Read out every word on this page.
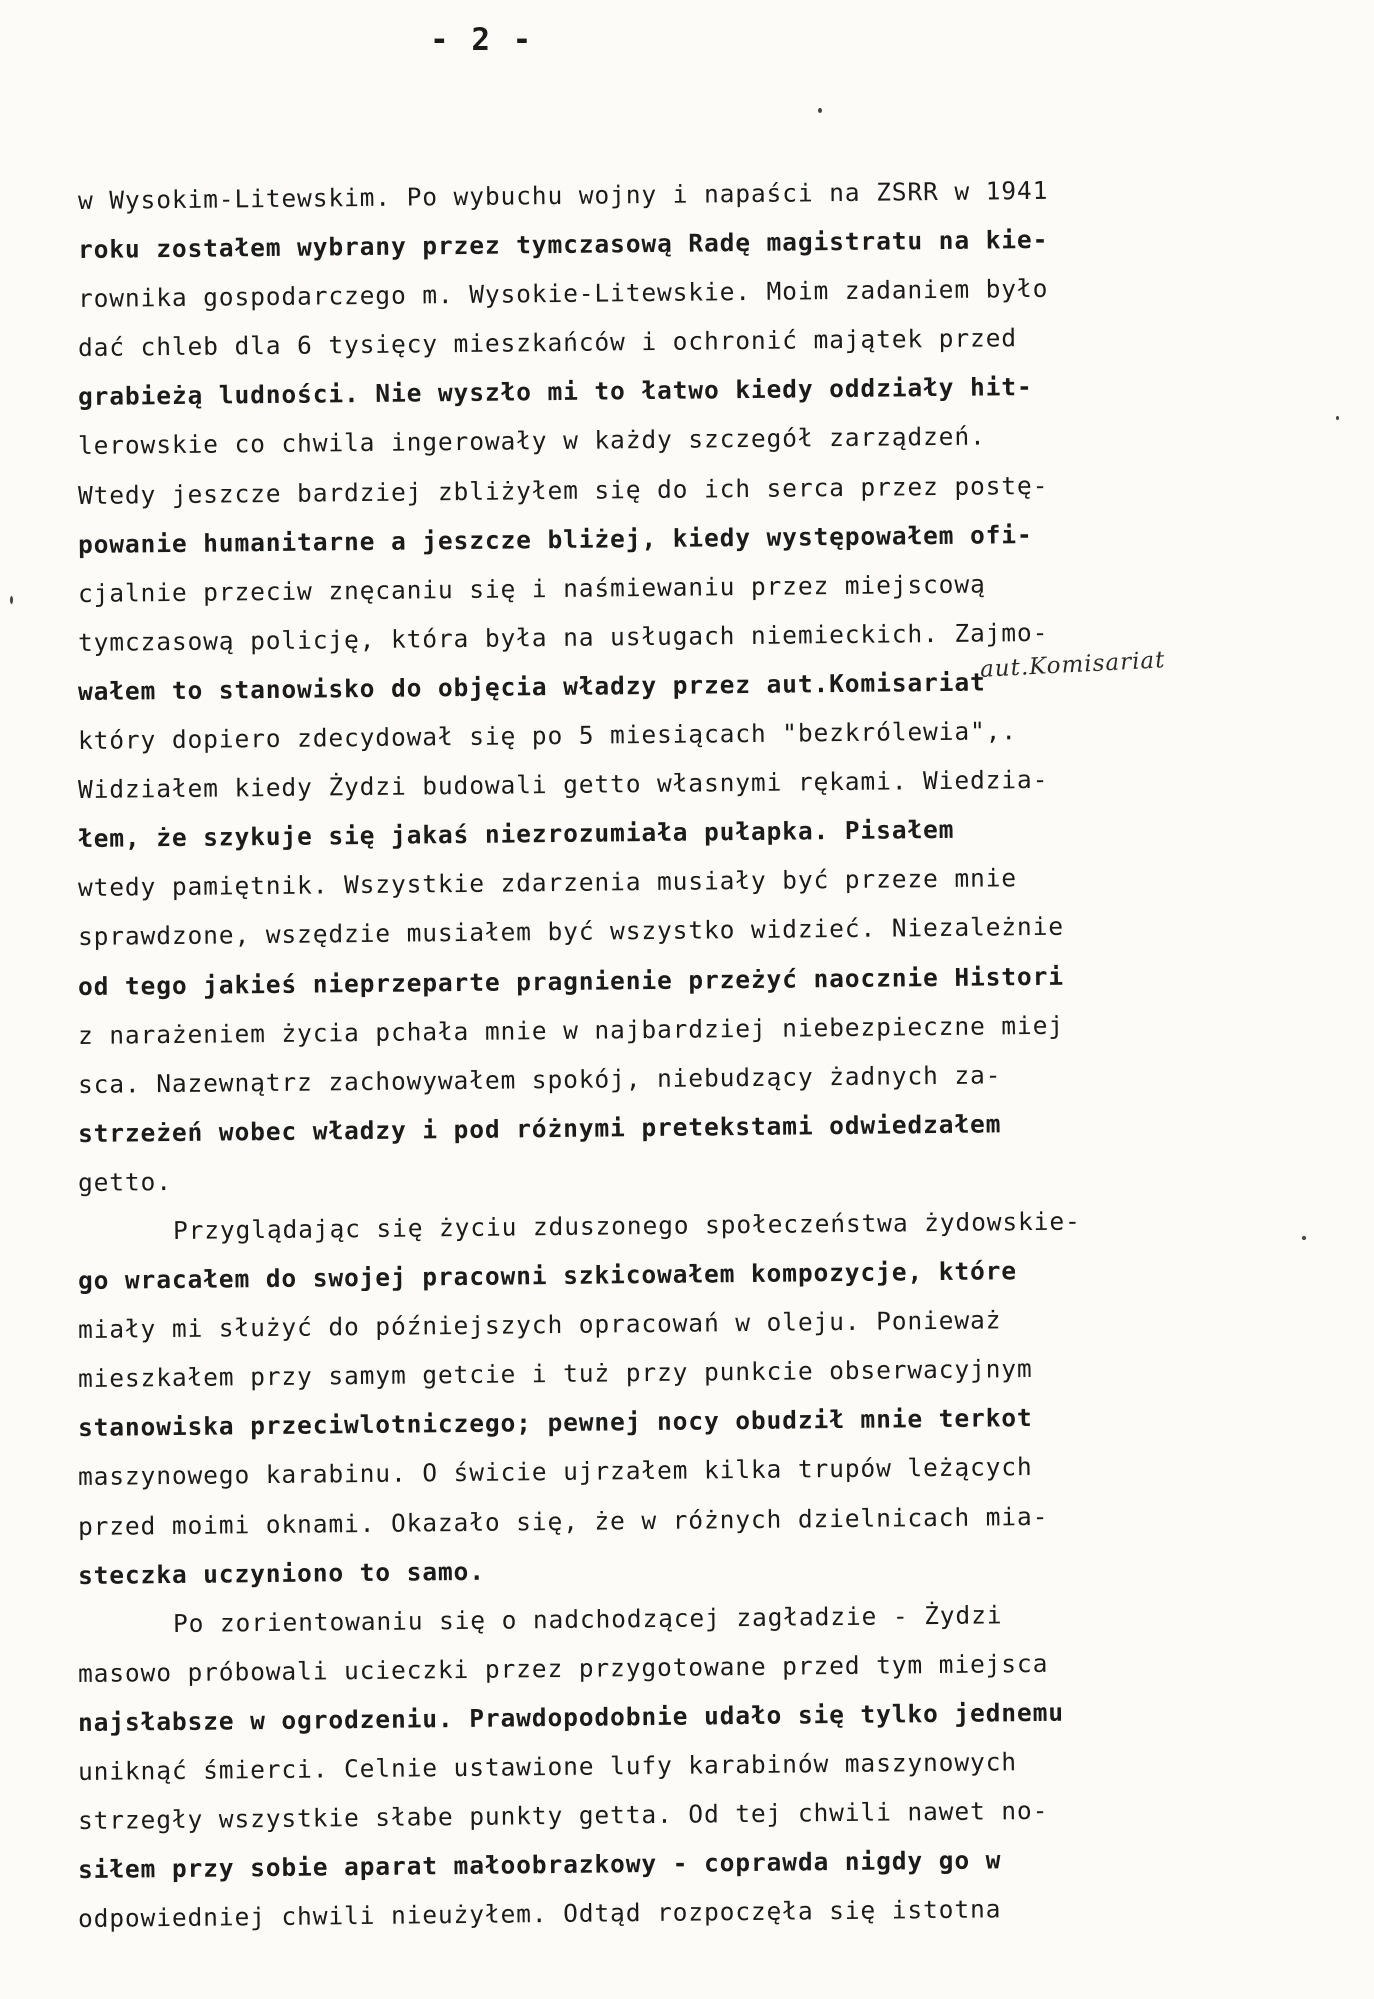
- 2 -
w Wysokim-Litewskim. Po wybuchu wojny i napaści na ZSRR w 1941
roku zostałem wybrany przez tymczasową Radę magistratu na kie-
rownika gospodarczego m. Wysokie-Litewskie. Moim zadaniem było
dać chleb dla 6 tysięcy mieszkańców i ochronić majątek przed
grabieżą ludności. Nie wyszło mi to łatwo kiedy oddziały hit-
lerowskie co chwila ingerowały w każdy szczegół zarządzeń.
Wtedy jeszcze bardziej zbliżyłem się do ich serca przez postę-
powanie humanitarne a jeszcze bliżej, kiedy występowałem ofi-
cjalnie przeciw znęcaniu się i naśmiewaniu przez miejscową
tymczasową policję, która była na usługach niemieckich. Zajmo-
wałem to stanowisko do objęcia władzy przez aut.Komisariat
który dopiero zdecydował się po 5 miesiącach "bezkrólewia",.
Widziałem kiedy Żydzi budowali getto własnymi rękami. Wiedzia-
łem, że szykuje się jakaś niezrozumiała pułapka. Pisałem
wtedy pamiętnik. Wszystkie zdarzenia musiały być przeze mnie
sprawdzone, wszędzie musiałem być wszystko widzieć. Niezależnie
od tego jakieś nieprzeparte pragnienie przeżyć naocznie Histori
z narażeniem życia pchała mnie w najbardziej niebezpieczne miej
sca. Nazewnątrz zachowywałem spokój, niebudzący żadnych za-
strzeżeń wobec władzy i pod różnymi pretekstami odwiedzałem
getto.
Przyglądając się życiu zduszonego społeczeństwa żydowskie-
go wracałem do swojej pracowni szkicowałem kompozycje, które
miały mi służyć do późniejszych opracowań w oleju. Ponieważ
mieszkałem przy samym getcie i tuż przy punkcie obserwacyjnym
stanowiska przeciwlotniczego; pewnej nocy obudził mnie terkot
maszynowego karabinu. O świcie ujrzałem kilka trupów leżących
przed moimi oknami. Okazało się, że w różnych dzielnicach mia-
steczka uczyniono to samo.
Po zorientowaniu się o nadchodzącej zagładzie - Żydzi
masowo próbowali ucieczki przez przygotowane przed tym miejsca
najsłabsze w ogrodzeniu. Prawdopodobnie udało się tylko jednemu
uniknąć śmierci. Celnie ustawione lufy karabinów maszynowych
strzegły wszystkie słabe punkty getta. Od tej chwili nawet no-
siłem przy sobie aparat małoobrazkowy - coprawda nigdy go w
odpowiedniej chwili nieużyłem. Odtąd rozpoczęła się istotna
aut.Komisariat
